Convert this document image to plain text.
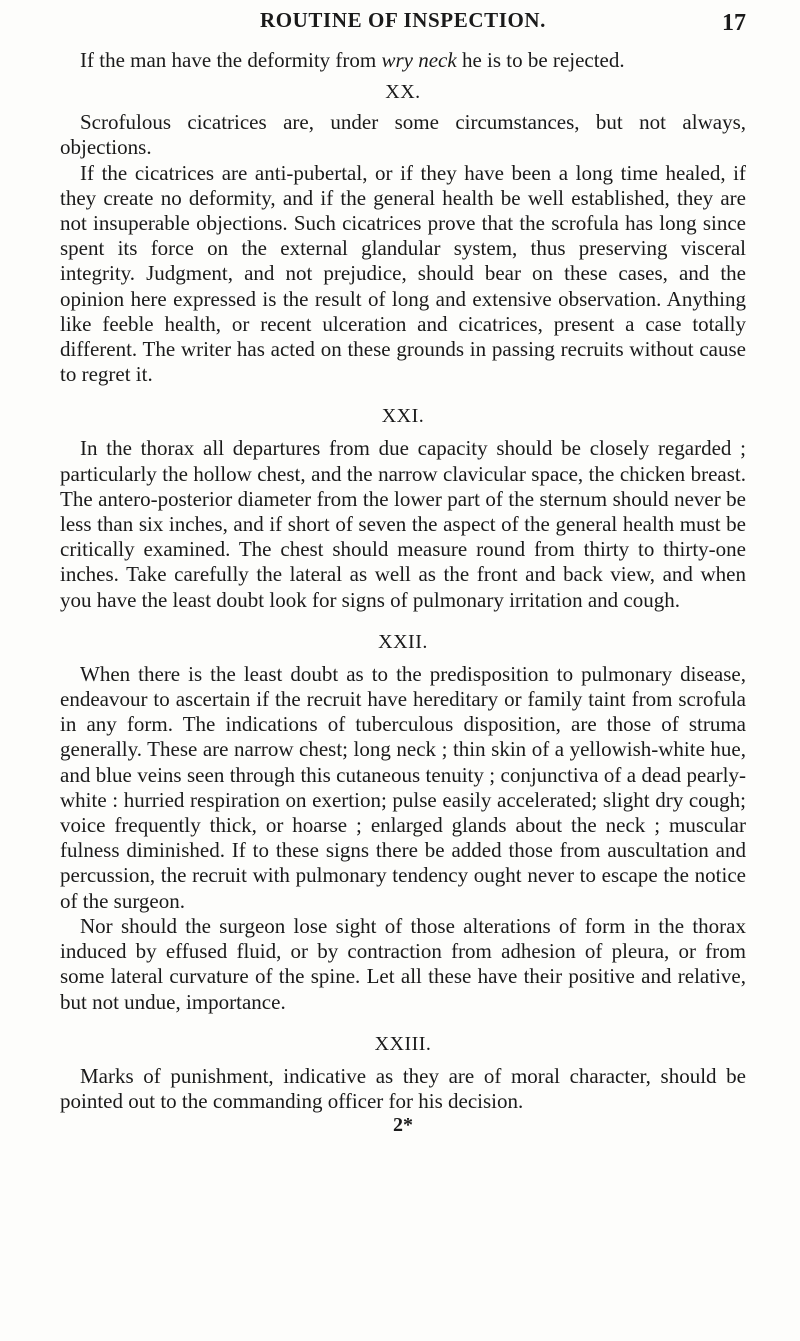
ROUTINE OF INSPECTION.	17

If the man have the deformity from wry neck he is to be rejected.

XX.

Scrofulous cicatrices are, under some circumstances, but not always, objections.

If the cicatrices are anti-pubertal, or if they have been a long time healed, if they create no deformity, and if the general health be well established, they are not insuperable objections. Such cicatrices prove that the scrofula has long since spent its force on the external glandular system, thus preserving visceral integrity. Judgment, and not prejudice, should bear on these cases, and the opinion here expressed is the result of long and extensive observation. Anything like feeble health, or recent ulceration and cicatrices, present a case totally different. The writer has acted on these grounds in passing recruits without cause to regret it.

XXI.

In the thorax all departures from due capacity should be closely regarded ; particularly the hollow chest, and the narrow clavicular space, the chicken breast. The antero-posterior diameter from the lower part of the sternum should never be less than six inches, and if short of seven the aspect of the general health must be critically examined. The chest should measure round from thirty to thirty-one inches. Take carefully the lateral as well as the front and back view, and when you have the least doubt look for signs of pulmonary irritation and cough.

XXII.

When there is the least doubt as to the predisposition to pulmonary disease, endeavour to ascertain if the recruit have hereditary or family taint from scrofula in any form. The indications of tuberculous disposition, are those of struma generally. These are narrow chest; long neck ; thin skin of a yellowish-white hue, and blue veins seen through this cutaneous tenuity ; conjunctiva of a dead pearly-white : hurried respiration on exertion; pulse easily accelerated; slight dry cough; voice frequently thick, or hoarse ; enlarged glands about the neck ; muscular fulness diminished. If to these signs there be added those from auscultation and percussion, the recruit with pulmonary tendency ought never to escape the notice of the surgeon.

Nor should the surgeon lose sight of those alterations of form in the thorax induced by effused fluid, or by contraction from adhesion of pleura, or from some lateral curvature of the spine. Let all these have their positive and relative, but not undue, importance.

XXIII.

Marks of punishment, indicative as they are of moral character, should be pointed out to the commanding officer for his decision.

2*
